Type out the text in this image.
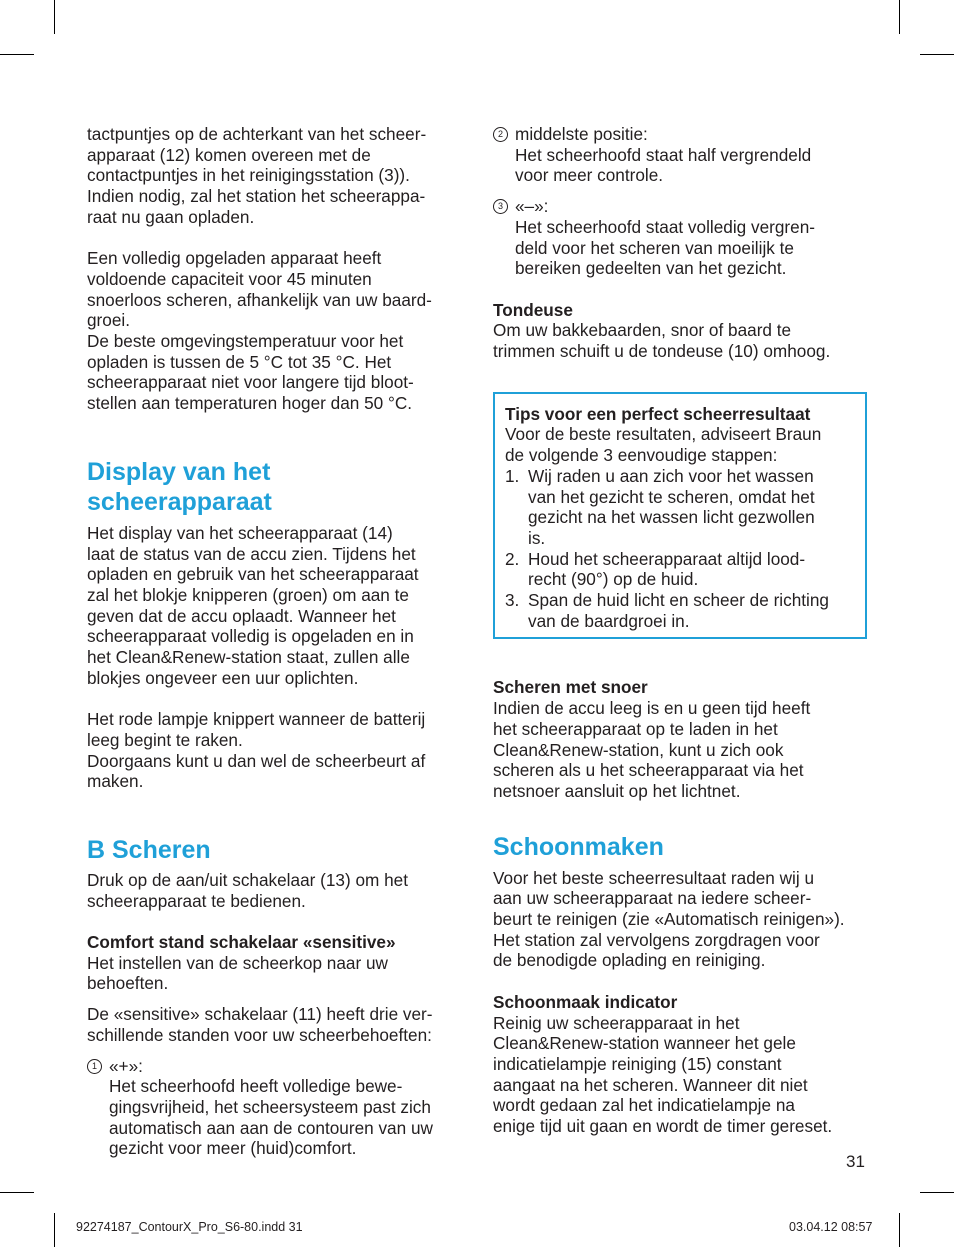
tactpuntjes op de achterkant van het scheer-

apparaat (12) komen overeen met de

contactpuntjes in het reinigingsstation (3)).

Indien nodig, zal het station het scheerappa-

raat nu gaan opladen.

Een volledig opgeladen apparaat heeft

voldoende capaciteit voor 45 minuten

snoerloos scheren, afhankelijk van uw baard-

groei.

De beste omgevingstemperatuur voor het

opladen is tussen de 5 °C tot 35 °C. Het

scheerapparaat niet voor langere tijd bloot-

stellen aan temperaturen hoger dan 50 °C.

Display van het scheerapparaat

Het display van het scheerapparaat (14)

laat de status van de accu zien. Tijdens het

opladen en gebruik van het scheerapparaat

zal het blokje knipperen (groen) om aan te

geven dat de accu oplaadt. Wanneer het

scheerapparaat volledig is opgeladen en in

het Clean&Renew-station staat, zullen alle

blokjes ongeveer een uur oplichten.

Het rode lampje knippert wanneer de batterij

leeg begint te raken.

Doorgaans kunt u dan wel de scheerbeurt af

maken.

B Scheren

Druk op de aan/uit schakelaar (13) om het

scheerapparaat te bedienen.

Comfort stand schakelaar «sensitive»

Het instellen van de scheerkop naar uw

behoeften.

De «sensitive» schakelaar (11) heeft drie ver-

schillende standen voor uw scheerbehoeften:

1 «+»:

Het scheerhoofd heeft volledige bewe-

gingsvrijheid, het scheersysteem past zich

automatisch aan aan de contouren van uw

gezicht voor meer (huid)comfort.

2 middelste positie:

Het scheerhoofd staat half vergrendeld

voor meer controle.

3 «–»:

Het scheerhoofd staat volledig vergren-

deld voor het scheren van moeilijk te

bereiken gedeelten van het gezicht.

Tondeuse

Om uw bakkebaarden, snor of baard te

trimmen schuift u de tondeuse (10) omhoog.

Tips voor een perfect scheerresultaat

Voor de beste resultaten, adviseert Braun

de volgende 3 eenvoudige stappen:

1. Wij raden u aan zich voor het wassen

van het gezicht te scheren, omdat het

gezicht na het wassen licht gezwollen

is.

2. Houd het scheerapparaat altijd lood-

recht (90°) op de huid.

3. Span de huid licht en scheer de richting

van de baardgroei in.

Scheren met snoer

Indien de accu leeg is en u geen tijd heeft

het scheerapparaat op te laden in het

Clean&Renew-station, kunt u zich ook

scheren als u het scheerapparaat via het

netsnoer aansluit op het lichtnet.

Schoonmaken

Voor het beste scheerresultaat raden wij u

aan uw scheerapparaat na iedere scheer-

beurt te reinigen (zie «Automatisch reinigen»).

Het station zal vervolgens zorgdragen voor

de benodigde oplading en reiniging.

Schoonmaak indicator

Reinig uw scheerapparaat in het

Clean&Renew-station wanneer het gele

indicatielampje reiniging (15) constant

aangaat na het scheren. Wanneer dit niet

wordt gedaan zal het indicatielampje na

enige tijd uit gaan en wordt de timer gereset.

31
92274187_ContourX_Pro_S6-80.indd 31	03.04.12 08:57
